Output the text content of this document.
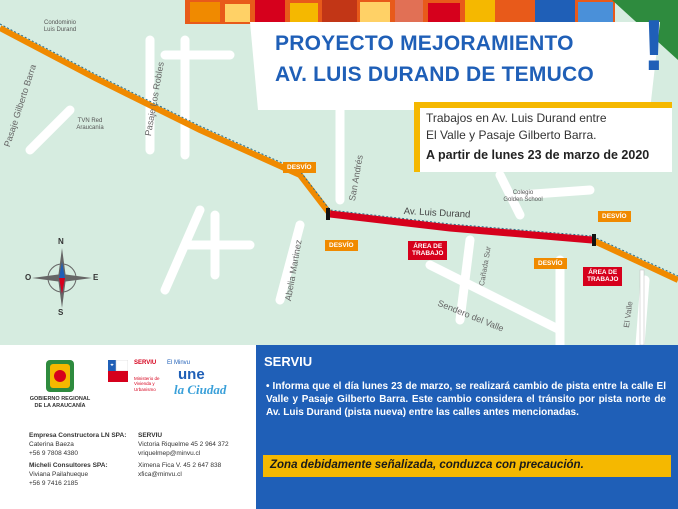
PROYECTO MEJORAMIENTO
AV. LUIS DURAND DE TEMUCO !
Trabajos en Av. Luis Durand entre
El Valle y Pasaje Gilberto Barra.
A partir de lunes 23 de marzo de 2020
Pasaje Gilberto Barra	Pasaje Los Robles
San Andrés
Av. Luis Durand
Abelia Martinez	Cañada Sur
Sendero del Valle	El Valle
Condominio
Luis Durand
TVN Red
Araucanía
Colegio
Golden School
DESVÍO
DESVÍO
DESVÍO
DESVÍO
ÁREA DE
TRABAJO
ÁREA DE
TRABAJO
N
S
E
O
GOBIERNO REGIONAL
DE LA ARAUCANÍA
SERVIU
Ministerio de
Vivienda y
Urbanismo
El Minvu
une
la Ciudad
Empresa Constructora LN SPA:
Caterina Baeza
+56 9 7808 4380
Micheli Consultores SPA:
Viviana Pailahueque
+56 9 7416 2185
SERVIU
Victoria Riquelme 45 2 964 372
vriquelmep@minvu.cl
Ximena Fica V. 45 2 647 838
xfica@minvu.cl
SERVIU
• Informa que el día lunes 23 de marzo, se realizará cambio de pista entre la calle El Valle y Pasaje Gilberto Barra. Este cambio considera el tránsito por pista norte de Av. Luis Durand (pista nueva) entre las calles antes mencionadas.
Zona debidamente señalizada, conduzca con precaución.
